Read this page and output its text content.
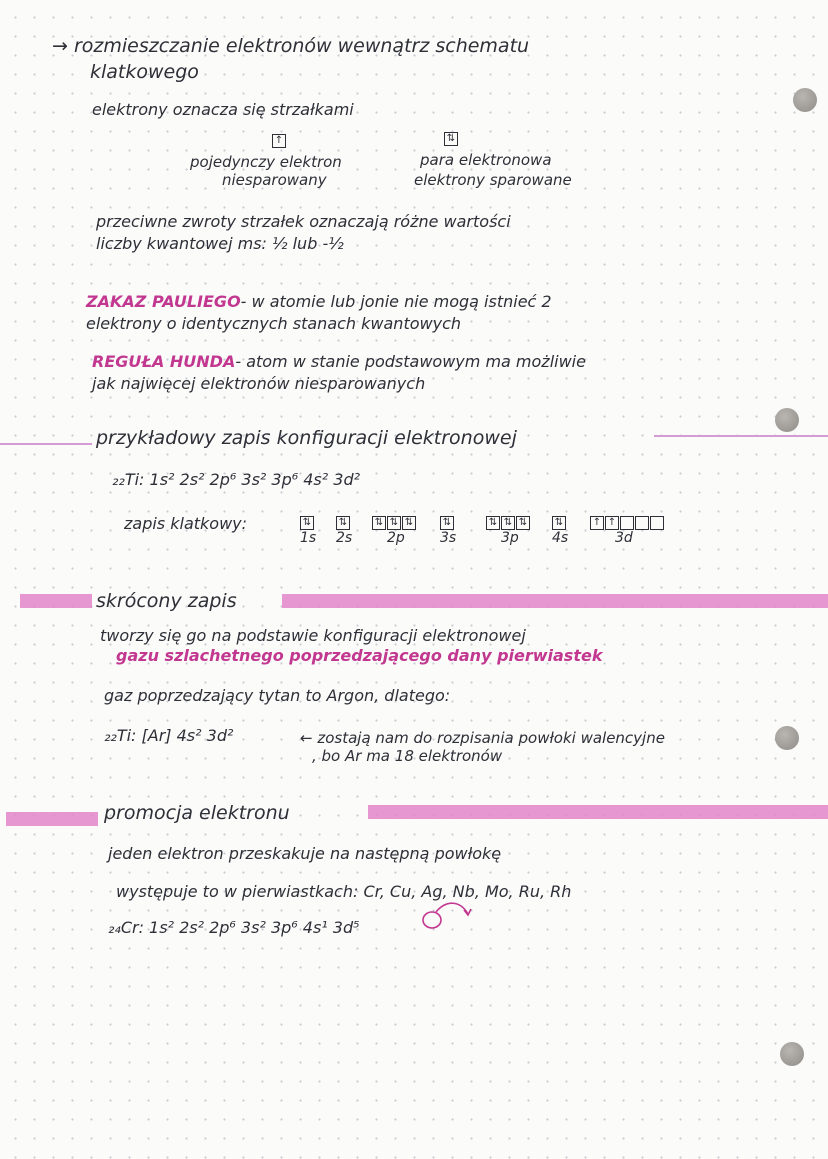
→ rozmieszczanie elektronów wewnątrz schematu
klatkowego
elektrony oznacza się strzałkami
↑	⇅
pojedynczy elektron
niesparowany
para elektronowa
elektrony sparowane
przeciwne zwroty strzałek oznaczają różne wartości
liczby kwantowej ms: ½ lub -½
ZAKAZ PAULIEGO- w atomie lub jonie nie mogą istnieć 2
elektrony o identycznych stanach kwantowych
REGUŁA HUNDA- atom w stanie podstawowym ma możliwie
jak najwięcej elektronów niesparowanych
przykładowy zapis konfiguracji elektronowej
₂₂Ti: 1s² 2s² 2p⁶ 3s² 3p⁶ 4s² 3d²
zapis klatkowy:	⇅
1s
⇅
2s
⇅ ⇅ ⇅
2p
⇅
3s
⇅ ⇅ ⇅
3p
⇅
4s
↑ ↑
3d
skrócony zapis
tworzy się go na podstawie konfiguracji elektronowej
gazu szlachetnego poprzedzającego dany pierwiastek
gaz poprzedzający tytan to Argon, dlatego:
₂₂Ti: [Ar] 4s² 3d²	← zostają nam do rozpisania powłoki walencyjne
, bo Ar ma 18 elektronów
promocja elektronu
jeden elektron przeskakuje na następną powłokę
występuje to w pierwiastkach: Cr, Cu, Ag, Nb, Mo, Ru, Rh
₂₄Cr: 1s² 2s² 2p⁶ 3s² 3p⁶ 4s¹ 3d⁵
